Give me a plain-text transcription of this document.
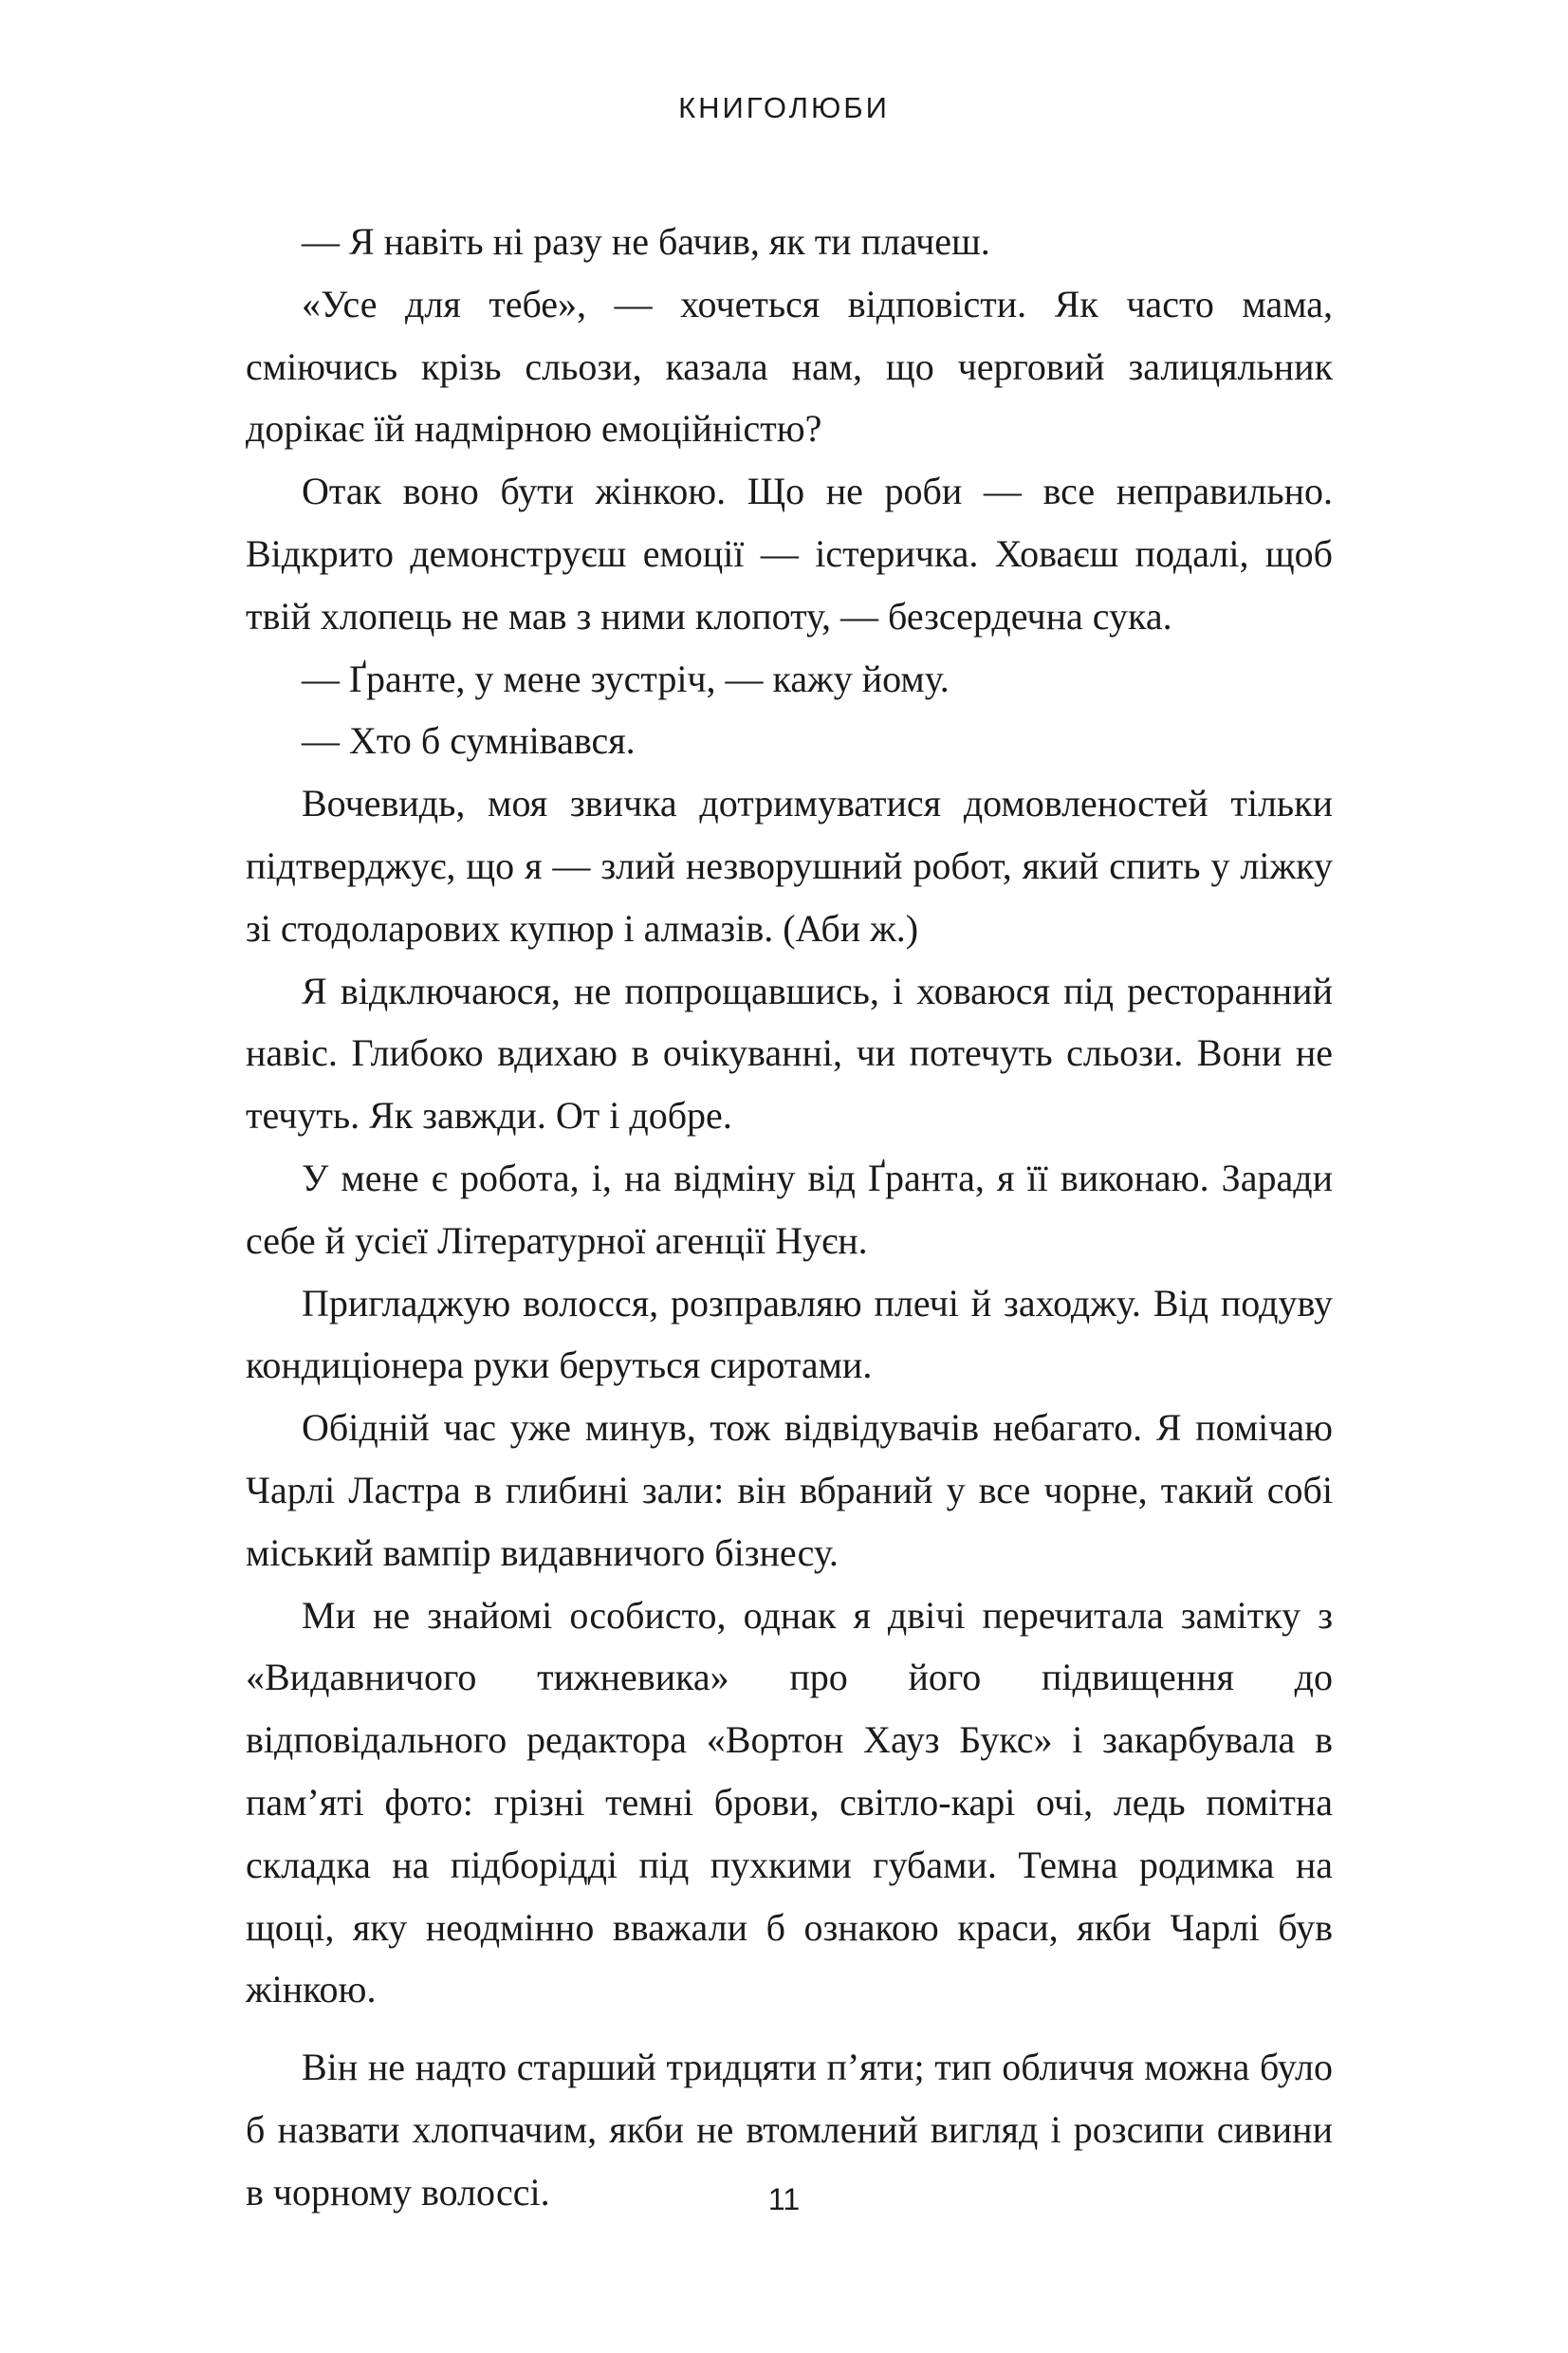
КНИГОЛЮБИ

— Я навіть ні разу не бачив, як ти плачеш.

«Усе для тебе», — хочеться відповісти. Як часто мама, сміючись крізь сльози, казала нам, що черговий залицяльник дорікає їй надмірною емоційністю?

Отак воно бути жінкою. Що не роби — все неправильно. Відкрито демонструєш емоції — істеричка. Ховаєш подалі, щоб твій хлопець не мав з ними клопоту, — безсердечна сука.

— Ґранте, у мене зустріч, — кажу йому.

— Хто б сумнівався.

Вочевидь, моя звичка дотримуватися домовленостей тільки підтверджує, що я — злий незворушний робот, який спить у ліжку зі стодоларових купюр і алмазів. (Аби ж.)

Я відключаюся, не попрощавшись, і ховаюся під ресторанний навіс. Глибоко вдихаю в очікуванні, чи потечуть сльози. Вони не течуть. Як завжди. От і добре.

У мене є робота, і, на відміну від Ґранта, я її виконаю. Заради себе й усієї Літературної агенції Нуєн.

Пригладжую волосся, розправляю плечі й заходжу. Від подуву кондиціонера руки беруться сиротами.

Обідній час уже минув, тож відвідувачів небагато. Я помічаю Чарлі Ластра в глибині зали: він вбраний у все чорне, такий собі міський вампір видавничого бізнесу.

Ми не знайомі особисто, однак я двічі перечитала замітку з «Видавничого тижневика» про його підвищення до відповідального редактора «Вортон Хауз Букс» і закарбувала в пам’яті фото: грізні темні брови, світло-карі очі, ледь помітна складка на підборідді під пухкими губами. Темна родимка на щоці, яку неодмінно вважали б ознакою краси, якби Чарлі був жінкою.

Він не надто старший тридцяти п’яти; тип обличчя можна було б назвати хлопчачим, якби не втомлений вигляд і розсипи сивини в чорному волоссі.	11
